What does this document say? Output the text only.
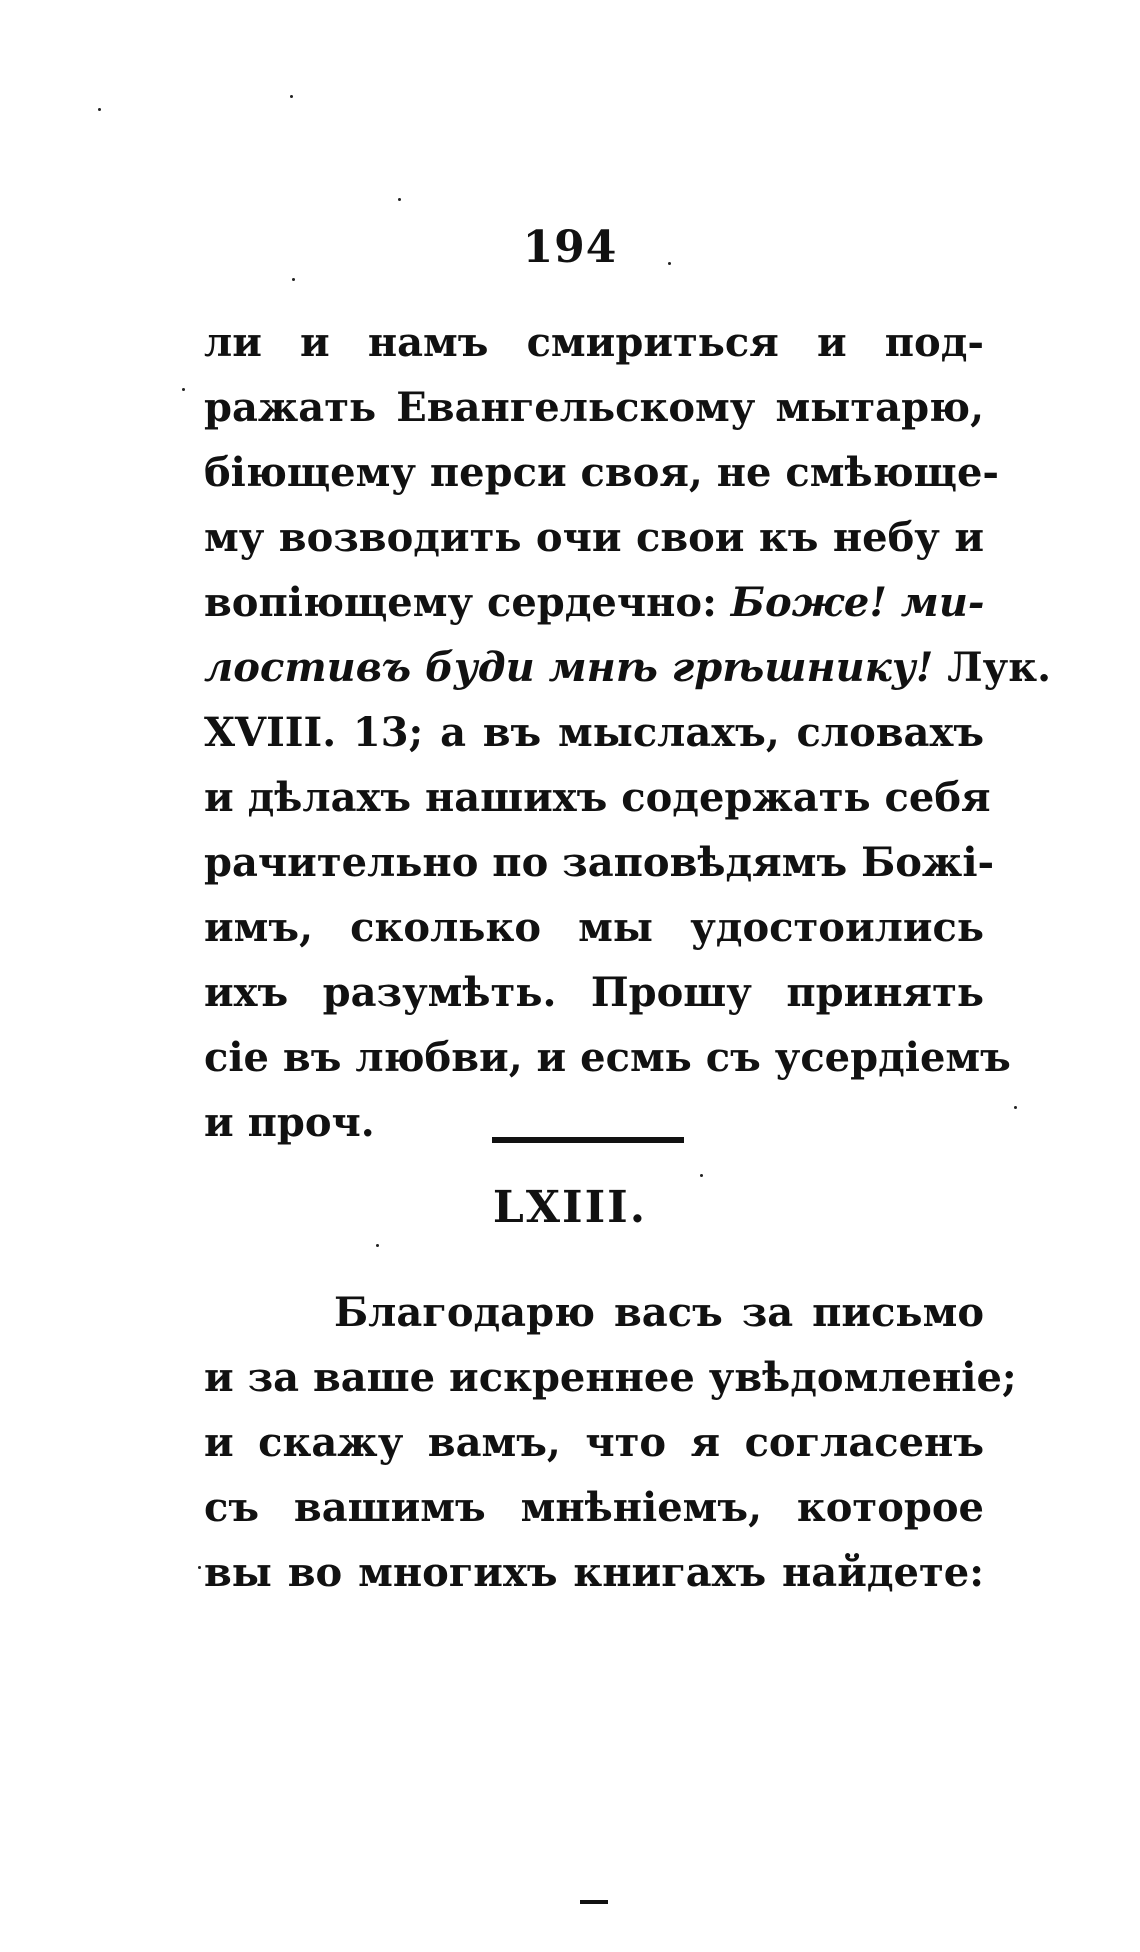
194
ли и намъ смириться и под-
ражать Евангельскому мытарю,
біющему перси своя, не смѣюще-
му возводить очи свои къ небу и
вопіющему сердечно: Боже! ми-
лостивъ буди мнѣ грѣшнику! Лук.
XVIII. 13; а въ мыслахъ, словахъ
и дѣлахъ нашихъ содержать себя
рачительно по заповѣдямъ Божі-
имъ, сколько мы удостоились
ихъ разумѣть. Прошу принять
сіе въ любви, и есмь съ усердіемъ
и проч.
LXIII.
Благодарю васъ за письмо
и за ваше искреннее увѣдомленіе;
и скажу вамъ, что я согласенъ
съ вашимъ мнѣніемъ, которое
вы во многихъ книгахъ найдете:
